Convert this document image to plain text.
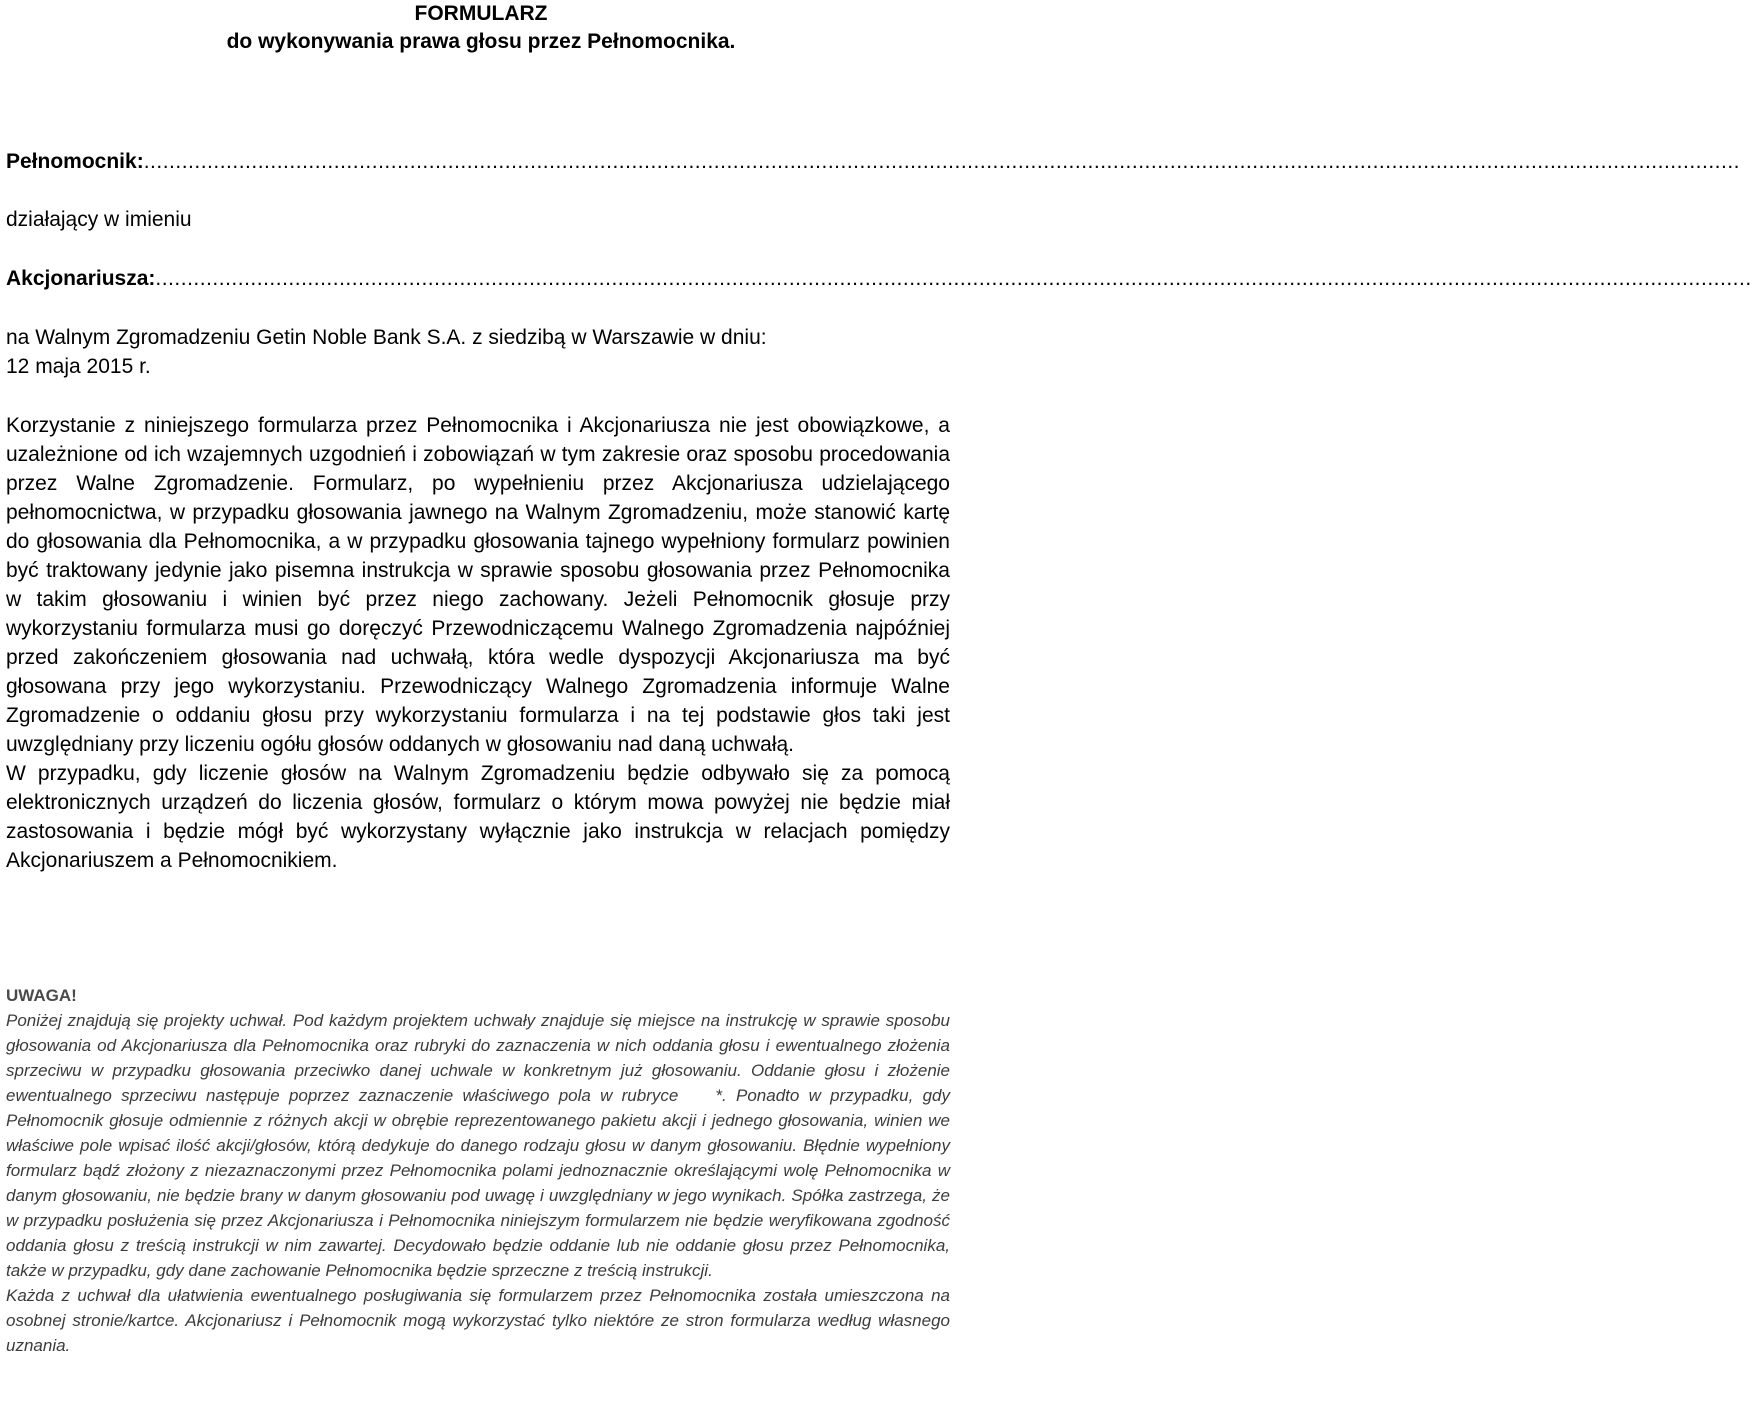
FORMULARZ
do wykonywania prawa głosu przez Pełnomocnika.
Pełnomocnik: ............................................................................................................................................................................................................................................................
działający w imieniu
Akcjonariusza: ............................................................................................................................................................................................................................................................
na Walnym Zgromadzeniu Getin Noble Bank S.A. z siedzibą w Warszawie w dniu:
12 maja 2015 r.

Korzystanie z niniejszego formularza przez Pełnomocnika i Akcjonariusza nie jest obowiązkowe, a uzależnione od ich wzajemnych uzgodnień i zobowiązań w tym zakresie oraz sposobu procedowania przez Walne Zgromadzenie. Formularz, po wypełnieniu przez Akcjonariusza udzielającego pełnomocnictwa, w przypadku głosowania jawnego na Walnym Zgromadzeniu, może stanowić kartę do głosowania dla Pełnomocnika, a w przypadku głosowania tajnego wypełniony formularz powinien być traktowany jedynie jako pisemna instrukcja w sprawie sposobu głosowania przez Pełnomocnika w takim głosowaniu i winien być przez niego zachowany. Jeżeli Pełnomocnik głosuje przy wykorzystaniu formularza musi go doręczyć Przewodniczącemu Walnego Zgromadzenia najpóźniej przed zakończeniem głosowania nad uchwałą, która wedle dyspozycji Akcjonariusza ma być głosowana przy jego wykorzystaniu. Przewodniczący Walnego Zgromadzenia informuje Walne Zgromadzenie o oddaniu głosu przy wykorzystaniu formularza i na tej podstawie głos taki jest uwzględniany przy liczeniu ogółu głosów oddanych w głosowaniu nad daną uchwałą.

W przypadku, gdy liczenie głosów na Walnym Zgromadzeniu będzie odbywało się za pomocą elektronicznych urządzeń do liczenia głosów, formularz o którym mowa powyżej nie będzie miał zastosowania i będzie mógł być wykorzystany wyłącznie jako instrukcja w relacjach pomiędzy Akcjonariuszem a Pełnomocnikiem.

UWAGA!

Poniżej znajdują się projekty uchwał. Pod każdym projektem uchwały znajduje się miejsce na instrukcję w sprawie sposobu głosowania od Akcjonariusza dla Pełnomocnika oraz rubryki do zaznaczenia w nich oddania głosu i ewentualnego złożenia sprzeciwu w przypadku głosowania przeciwko danej uchwale w konkretnym już głosowaniu. Oddanie głosu i złożenie ewentualnego sprzeciwu następuje poprzez zaznaczenie właściwego pola w rubryce    *. Ponadto w przypadku, gdy Pełnomocnik głosuje odmiennie z różnych akcji w obrębie reprezentowanego pakietu akcji i jednego głosowania, winien we właściwe pole wpisać ilość akcji/głosów, którą dedykuje do danego rodzaju głosu w danym głosowaniu. Błędnie wypełniony formularz bądź złożony z niezaznaczonymi przez Pełnomocnika polami jednoznacznie określającymi wolę Pełnomocnika w danym głosowaniu, nie będzie brany w danym głosowaniu pod uwagę i uwzględniany w jego wynikach. Spółka zastrzega, że w przypadku posłużenia się przez Akcjonariusza i Pełnomocnika niniejszym formularzem nie będzie weryfikowana zgodność oddania głosu z treścią instrukcji w nim zawartej. Decydowało będzie oddanie lub nie oddanie głosu przez Pełnomocnika, także w przypadku, gdy dane zachowanie Pełnomocnika będzie sprzeczne z treścią instrukcji.

Każda z uchwał dla ułatwienia ewentualnego posługiwania się formularzem przez Pełnomocnika została umieszczona na osobnej stronie/kartce. Akcjonariusz i Pełnomocnik mogą wykorzystać tylko niektóre ze stron formularza według własnego uznania.
